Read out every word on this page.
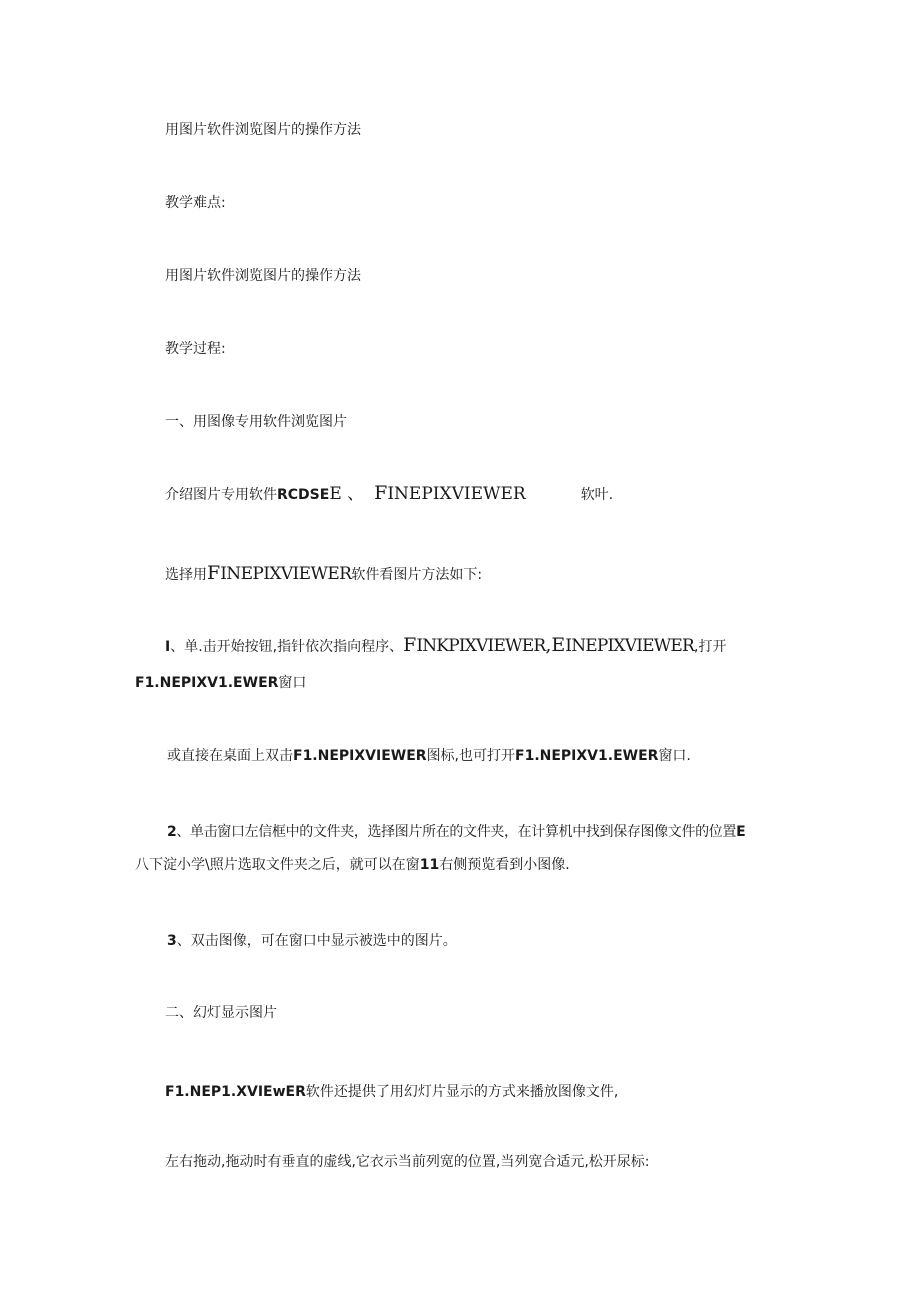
用图片软件浏览图片的操作方法
教学难点:
用图片软件浏览图片的操作方法
教学过程:
一、用图像专用软件浏览图片
介绍图片专用软件RCDSEE 、 FINEPIXVIEWER	软叶.
选择用FINEPIXVIEWER软件看图片方法如下:
I、单.击开始按钮,指针依次指向程序、FINKPIXVIEWER,EINEPIXVIEWER,打开
F1.NEPIXV1.EWER窗口
或直接在桌面上双击F1.NEPIXVIEWER图标,也可打开F1.NEPIXV1.EWER窗口.
2、单击窗口左信框中的文件夹，选择图片所在的文件夹，在计算机中找到保存图像文件的位置E
八下淀小学\照片选取文件夹之后，就可以在窗11右侧预览看到小图像.
3、双击图像，可在窗口中显示被选中的图片。
二、幻灯显示图片
F1.NEP1.XVIEwER软件还提供了用幻灯片显示的方式来播放图像文件,
左右拖动,拖动时有垂直的虚线,它衣示当前列宽的位置,当列宽合适元,松开尿标:
